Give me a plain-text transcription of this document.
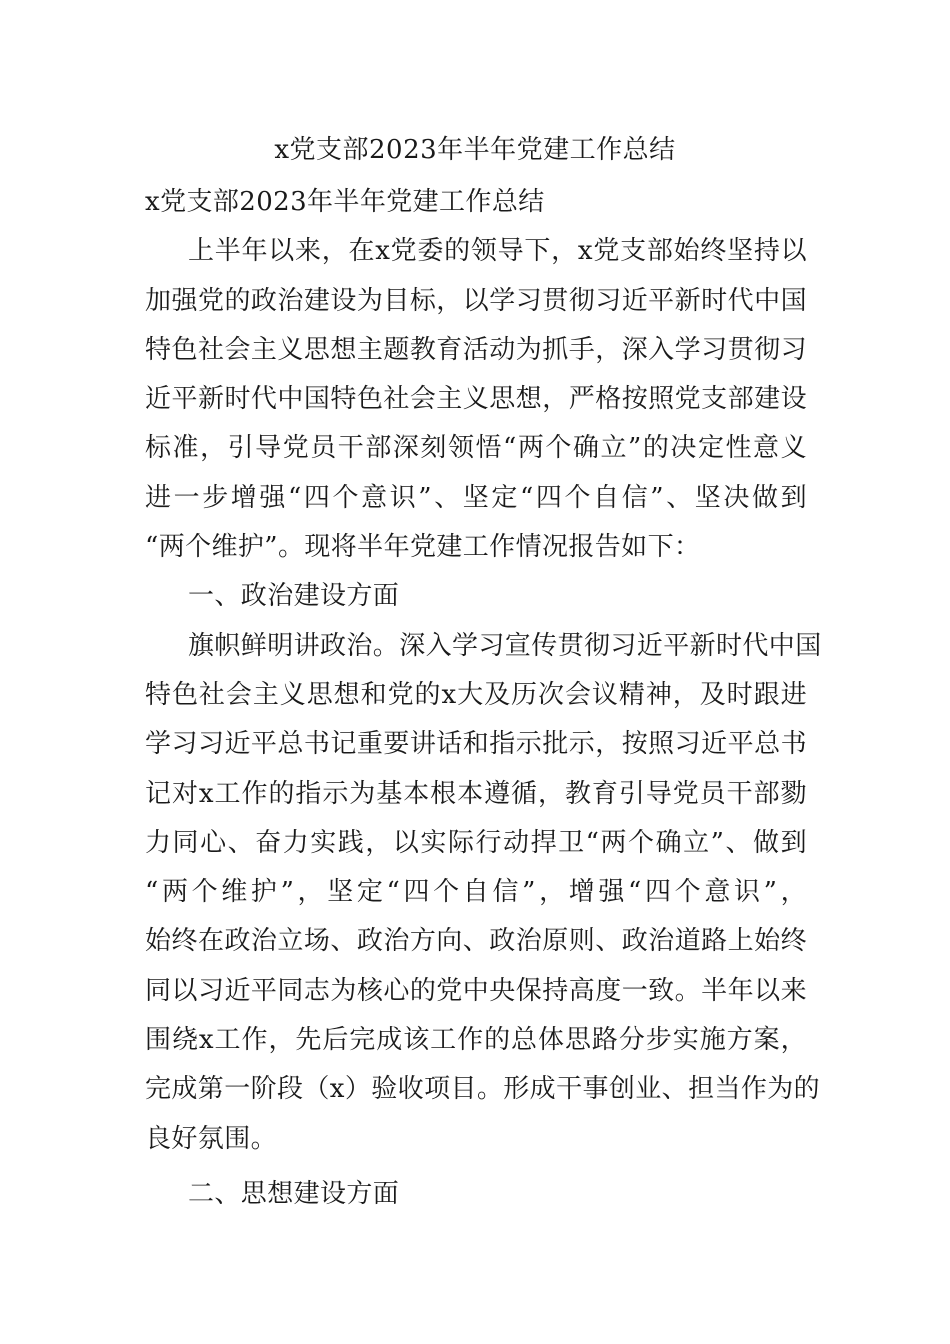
x党支部2023年半年党建工作总结
x党支部2023年半年党建工作总结
上半年以来，在x党委的领导下，x党支部始终坚持以
加强党的政治建设为目标，以学习贯彻习近平新时代中国
特色社会主义思想主题教育活动为抓手，深入学习贯彻习
近平新时代中国特色社会主义思想，严格按照党支部建设
标准，引导党员干部深刻领悟“两个确立”的决定性意义
进一步增强“四个意识”、坚定“四个自信”、坚决做到
“两个维护”。现将半年党建工作情况报告如下：
一、政治建设方面
旗帜鲜明讲政治。深入学习宣传贯彻习近平新时代中国
特色社会主义思想和党的x大及历次会议精神，及时跟进
学习习近平总书记重要讲话和指示批示，按照习近平总书
记对x工作的指示为基本根本遵循，教育引导党员干部勠
力同心、奋力实践，以实际行动捍卫“两个确立”、做到
“两个维护”，坚定“四个自信”，增强“四个意识”，
始终在政治立场、政治方向、政治原则、政治道路上始终
同以习近平同志为核心的党中央保持高度一致。半年以来
围绕x工作，先后完成该工作的总体思路分步实施方案，
完成第一阶段（x）验收项目。形成干事创业、担当作为的
良好氛围。
二、思想建设方面
